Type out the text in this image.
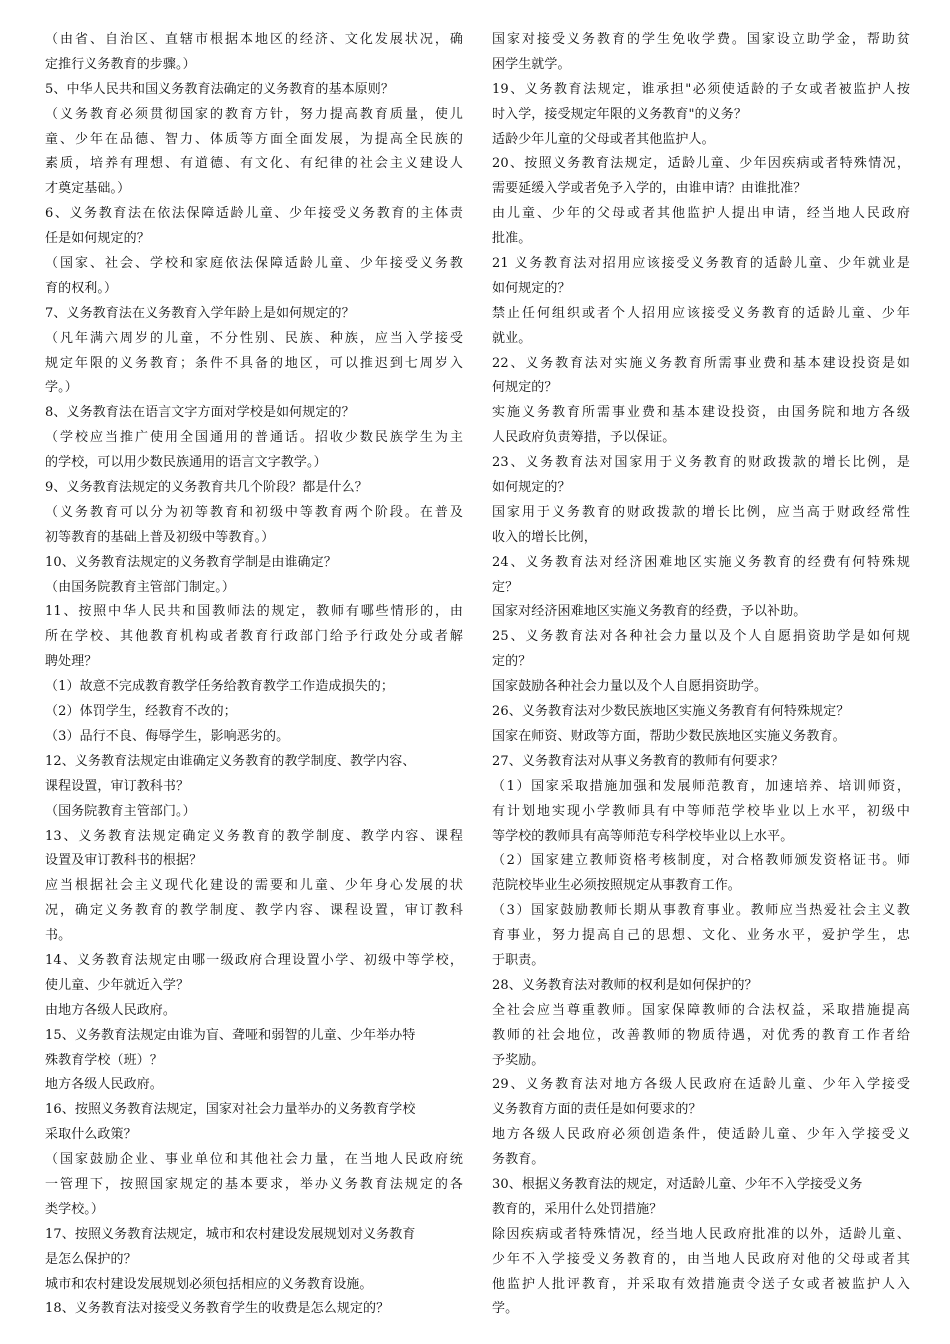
（由省、自治区、直辖市根据本地区的经济、文化发展状况，确
定推行义务教育的步骤。）
5、中华人民共和国义务教育法确定的义务教育的基本原则？
（义务教育必须贯彻国家的教育方针，努力提高教育质量，使儿
童、少年在品德、智力、体质等方面全面发展，为提高全民族的
素质，培养有理想、有道德、有文化、有纪律的社会主义建设人
才奠定基础。）
6、义务教育法在依法保障适龄儿童、少年接受义务教育的主体责
任是如何规定的？
（国家、社会、学校和家庭依法保障适龄儿童、少年接受义务教
育的权利。）
7、义务教育法在义务教育入学年龄上是如何规定的？
（凡年满六周岁的儿童，不分性别、民族、种族，应当入学接受
规定年限的义务教育；条件不具备的地区，可以推迟到七周岁入
学。）
8、义务教育法在语言文字方面对学校是如何规定的？
（学校应当推广使用全国通用的普通话。招收少数民族学生为主
的学校，可以用少数民族通用的语言文字教学。）
9、义务教育法规定的义务教育共几个阶段？都是什么？
（义务教育可以分为初等教育和初级中等教育两个阶段。在普及
初等教育的基础上普及初级中等教育。）
10、义务教育法规定的义务教育学制是由谁确定？
（由国务院教育主管部门制定。）
11、按照中华人民共和国教师法的规定，教师有哪些情形的，由
所在学校、其他教育机构或者教育行政部门给予行政处分或者解
聘处理？
（1）故意不完成教育教学任务给教育教学工作造成损失的；
（2）体罚学生，经教育不改的；
（3）品行不良、侮辱学生，影响恶劣的。
12、义务教育法规定由谁确定义务教育的教学制度、教学内容、
课程设置，审订教科书？
（国务院教育主管部门。）
13、义务教育法规定确定义务教育的教学制度、教学内容、课程
设置及审订教科书的根据？
应当根据社会主义现代化建设的需要和儿童、少年身心发展的状
况，确定义务教育的教学制度、教学内容、课程设置，审订教科
书。
14、义务教育法规定由哪一级政府合理设置小学、初级中等学校，
使儿童、少年就近入学？
由地方各级人民政府。
15、义务教育法规定由谁为盲、聋哑和弱智的儿童、少年举办特
殊教育学校（班）？
地方各级人民政府。
16、按照义务教育法规定，国家对社会力量举办的义务教育学校
采取什么政策？
（国家鼓励企业、事业单位和其他社会力量，在当地人民政府统
一管理下，按照国家规定的基本要求，举办义务教育法规定的各
类学校。）
17、按照义务教育法规定，城市和农村建设发展规划对义务教育
是怎么保护的？
城市和农村建设发展规划必须包括相应的义务教育设施。
18、义务教育法对接受义务教育学生的收费是怎么规定的？
国家对接受义务教育的学生免收学费。国家设立助学金，帮助贫
困学生就学。
19、义务教育法规定，谁承担"必须使适龄的子女或者被监护人按
时入学，接受规定年限的义务教育"的义务？
适龄少年儿童的父母或者其他监护人。
20、按照义务教育法规定，适龄儿童、少年因疾病或者特殊情况，
需要延缓入学或者免予入学的，由谁申请？由谁批准？
由儿童、少年的父母或者其他监护人提出申请，经当地人民政府
批准。
21 义务教育法对招用应该接受义务教育的适龄儿童、少年就业是
如何规定的？
禁止任何组织或者个人招用应该接受义务教育的适龄儿童、少年
就业。
22、义务教育法对实施义务教育所需事业费和基本建设投资是如
何规定的？
实施义务教育所需事业费和基本建设投资，由国务院和地方各级
人民政府负责筹措，予以保证。
23、义务教育法对国家用于义务教育的财政拨款的增长比例，是
如何规定的？
国家用于义务教育的财政拨款的增长比例，应当高于财政经常性
收入的增长比例，
24、义务教育法对经济困难地区实施义务教育的经费有何特殊规
定？
国家对经济困难地区实施义务教育的经费，予以补助。
25、义务教育法对各种社会力量以及个人自愿捐资助学是如何规
定的？
国家鼓励各种社会力量以及个人自愿捐资助学。
26、义务教育法对少数民族地区实施义务教育有何特殊规定？
国家在师资、财政等方面，帮助少数民族地区实施义务教育。
27、义务教育法对从事义务教育的教师有何要求？
（1）国家采取措施加强和发展师范教育，加速培养、培训师资，
有计划地实现小学教师具有中等师范学校毕业以上水平，初级中
等学校的教师具有高等师范专科学校毕业以上水平。
（2）国家建立教师资格考核制度，对合格教师颁发资格证书。师
范院校毕业生必须按照规定从事教育工作。
（3）国家鼓励教师长期从事教育事业。教师应当热爱社会主义教
育事业，努力提高自己的思想、文化、业务水平，爱护学生，忠
于职责。
28、义务教育法对教师的权利是如何保护的？
全社会应当尊重教师。国家保障教师的合法权益，采取措施提高
教师的社会地位，改善教师的物质待遇，对优秀的教育工作者给
予奖励。
29、义务教育法对地方各级人民政府在适龄儿童、少年入学接受
义务教育方面的责任是如何要求的？
地方各级人民政府必须创造条件，使适龄儿童、少年入学接受义
务教育。
30、根据义务教育法的规定，对适龄儿童、少年不入学接受义务
教育的，采用什么处罚措施？
除因疾病或者特殊情况，经当地人民政府批准的以外，适龄儿童、
少年不入学接受义务教育的，由当地人民政府对他的父母或者其
他监护人批评教育，并采取有效措施责令送子女或者被监护人入
学。
